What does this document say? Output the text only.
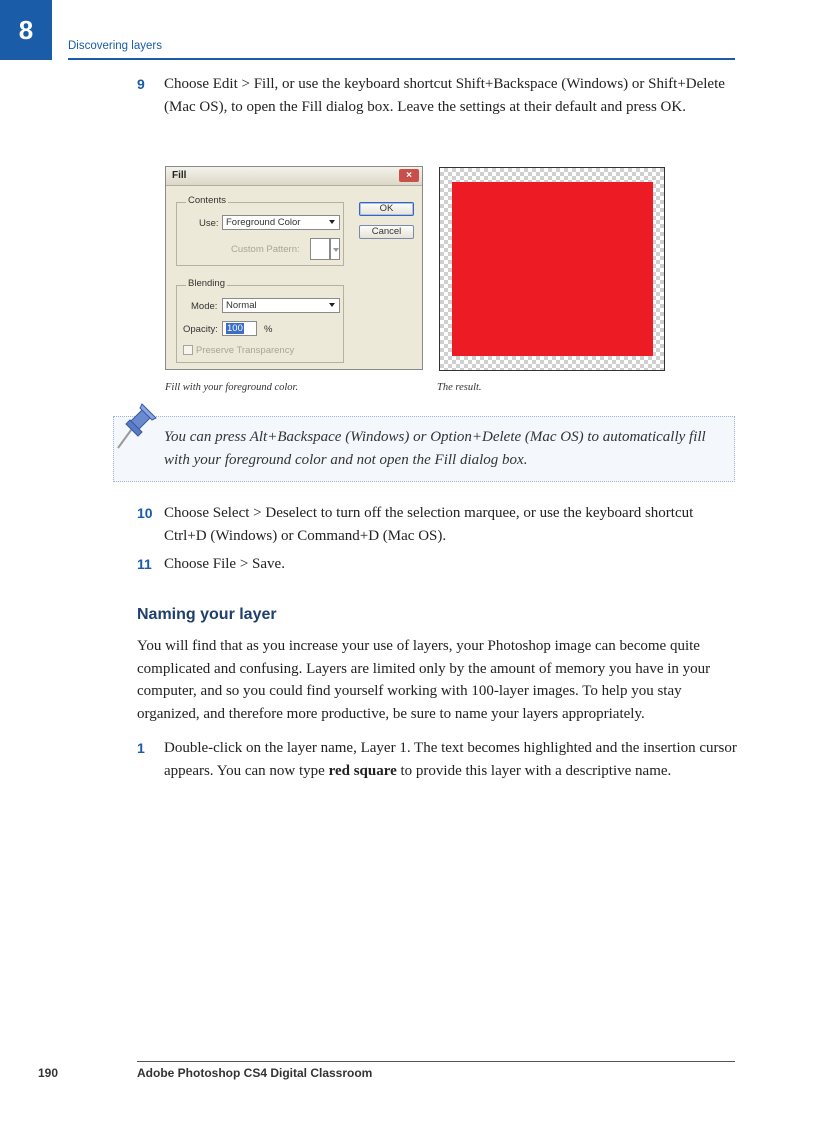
8
Discovering layers
9 Choose Edit > Fill, or use the keyboard shortcut Shift+Backspace (Windows) or Shift+Delete (Mac OS), to open the Fill dialog box. Leave the settings at their default and press OK.
Fill	×
Contents
Use: Foreground Color
Custom Pattern:
OK
Cancel
Blending
Mode: Normal
Opacity: 100 %
Preserve Transparency
Fill with your foreground color.	The result.
You can press Alt+Backspace (Windows) or Option+Delete (Mac OS) to automatically fill with your foreground color and not open the Fill dialog box.
10 Choose Select > Deselect to turn off the selection marquee, or use the keyboard shortcut Ctrl+D (Windows) or Command+D (Mac OS).
11 Choose File > Save.
Naming your layer
You will find that as you increase your use of layers, your Photoshop image can become quite complicated and confusing. Layers are limited only by the amount of memory you have in your computer, and so you could find yourself working with 100-layer images. To help you stay organized, and therefore more productive, be sure to name your layers appropriately.
1 Double-click on the layer name, Layer 1. The text becomes highlighted and the insertion cursor appears. You can now type red square to provide this layer with a descriptive name.
190	Adobe Photoshop CS4 Digital Classroom
